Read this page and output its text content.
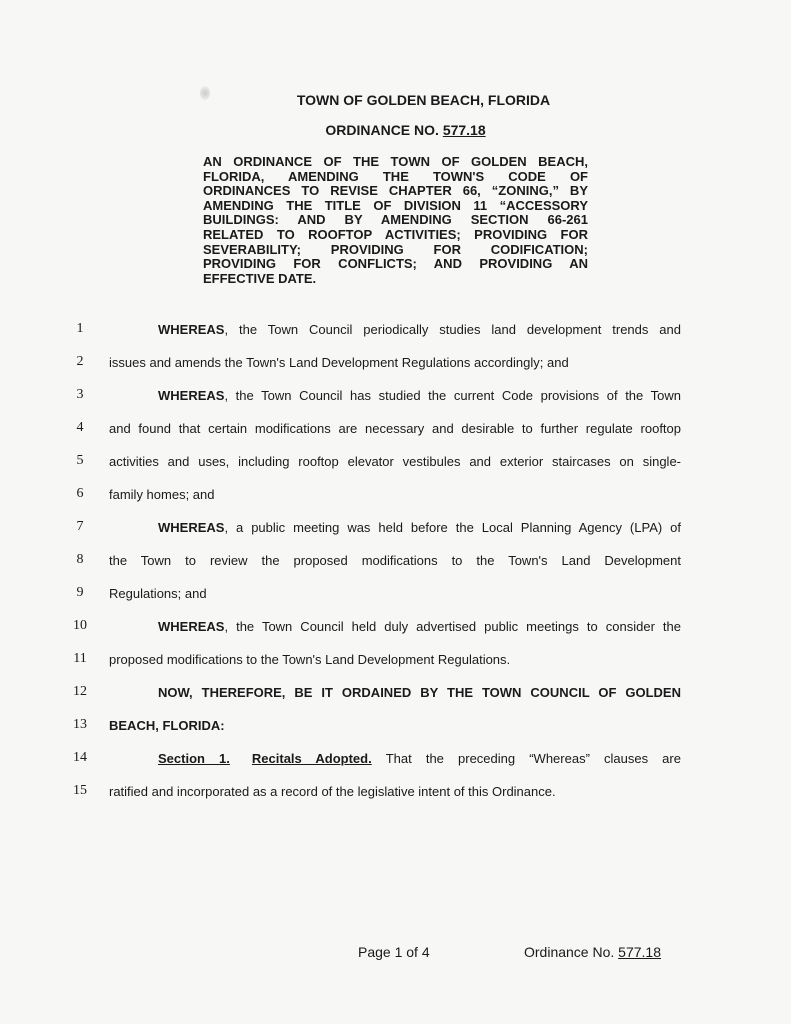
TOWN OF GOLDEN BEACH, FLORIDA
ORDINANCE NO. 577.18
AN ORDINANCE OF THE TOWN OF GOLDEN BEACH,
FLORIDA, AMENDING THE TOWN'S CODE OF
ORDINANCES TO REVISE CHAPTER 66, “ZONING,” BY
AMENDING THE TITLE OF DIVISION 11 “ACCESSORY
BUILDINGS: AND BY AMENDING SECTION 66-261
RELATED TO ROOFTOP ACTIVITIES; PROVIDING FOR
SEVERABILITY; PROVIDING FOR CODIFICATION;
PROVIDING FOR CONFLICTS; AND PROVIDING AN
EFFECTIVE DATE.
1	WHEREAS, the Town Council periodically studies land development trends and
2	issues and amends the Town's Land Development Regulations accordingly; and
3	WHEREAS, the Town Council has studied the current Code provisions of the Town
4	and found that certain modifications are necessary and desirable to further regulate rooftop
5	activities and uses, including rooftop elevator vestibules and exterior staircases on single-
6	family homes; and
7	WHEREAS, a public meeting was held before the Local Planning Agency (LPA) of
8	the Town to review the proposed modifications to the Town's Land Development
9	Regulations; and
10	WHEREAS, the Town Council held duly advertised public meetings to consider the
11	proposed modifications to the Town's Land Development Regulations.
12	NOW, THEREFORE, BE IT ORDAINED BY THE TOWN COUNCIL OF GOLDEN
13	BEACH, FLORIDA:
14	Section 1. Recitals Adopted. That the preceding “Whereas” clauses are
15	ratified and incorporated as a record of the legislative intent of this Ordinance.
Page 1 of 4	Ordinance No. 577.18
